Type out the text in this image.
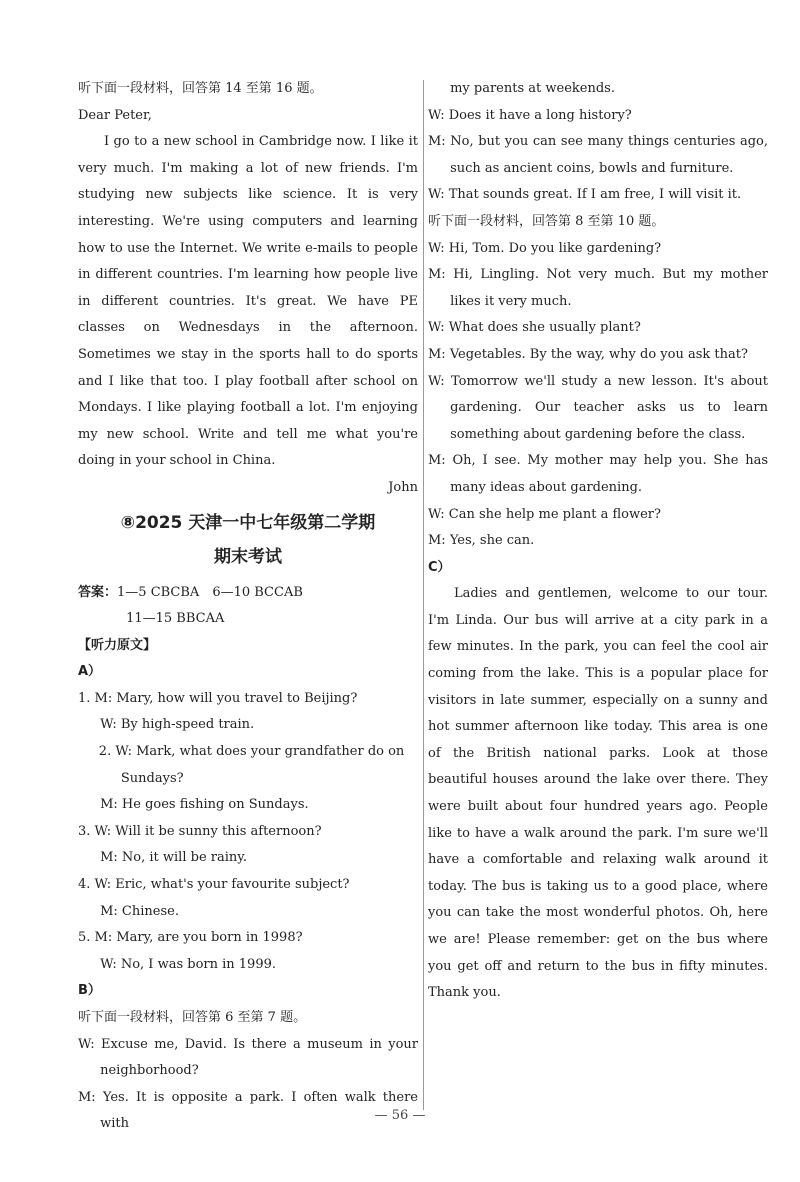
听下面一段材料，回答第 14 至第 16 题。

Dear Peter,

I go to a new school in Cambridge now. I like it very much. I'm making a lot of new friends. I'm studying new subjects like science. It is very interesting. We're using computers and learning how to use the Internet. We write e-mails to people in different countries. I'm learning how people live in different countries. It's great. We have PE classes on Wednesdays in the afternoon. Sometimes we stay in the sports hall to do sports and I like that too. I play football after school on Mondays. I like playing football a lot. I'm enjoying my new school. Write and tell me what you're doing in your school in China.

John

⑧2025 天津一中七年级第二学期

期末考试

答案：1—5 CBCBA　6—10 BCCAB

11—15 BBCAA

【听力原文】

A）

1. M: Mary, how will you travel to Beijing?

W: By high-speed train.

2. W: Mark, what does your grandfather do on Sundays?

M: He goes fishing on Sundays.

3. W: Will it be sunny this afternoon?

M: No, it will be rainy.

4. W: Eric, what's your favourite subject?

M: Chinese.

5. M: Mary, are you born in 1998?

W: No, I was born in 1999.

B）

听下面一段材料，回答第 6 至第 7 题。

W: Excuse me, David. Is there a museum in your neighborhood?

M: Yes. It is opposite a park. I often walk there with

my parents at weekends.

W: Does it have a long history?

M: No, but you can see many things centuries ago, such as ancient coins, bowls and furniture.

W: That sounds great. If I am free, I will visit it.

听下面一段材料，回答第 8 至第 10 题。

W: Hi, Tom. Do you like gardening?

M: Hi, Lingling. Not very much. But my mother likes it very much.

W: What does she usually plant?

M: Vegetables. By the way, why do you ask that?

W: Tomorrow we'll study a new lesson. It's about gardening. Our teacher asks us to learn something about gardening before the class.

M: Oh, I see. My mother may help you. She has many ideas about gardening.

W: Can she help me plant a flower?

M: Yes, she can.

C）

Ladies and gentlemen, welcome to our tour. I'm Linda. Our bus will arrive at a city park in a few minutes. In the park, you can feel the cool air coming from the lake. This is a popular place for visitors in late summer, especially on a sunny and hot summer afternoon like today. This area is one of the British national parks. Look at those beautiful houses around the lake over there. They were built about four hundred years ago. People like to have a walk around the park. I'm sure we'll have a comfortable and relaxing walk around it today. The bus is taking us to a good place, where you can take the most wonderful photos. Oh, here we are! Please remember: get on the bus where you get off and return to the bus in fifty minutes. Thank you.

— 56 —
